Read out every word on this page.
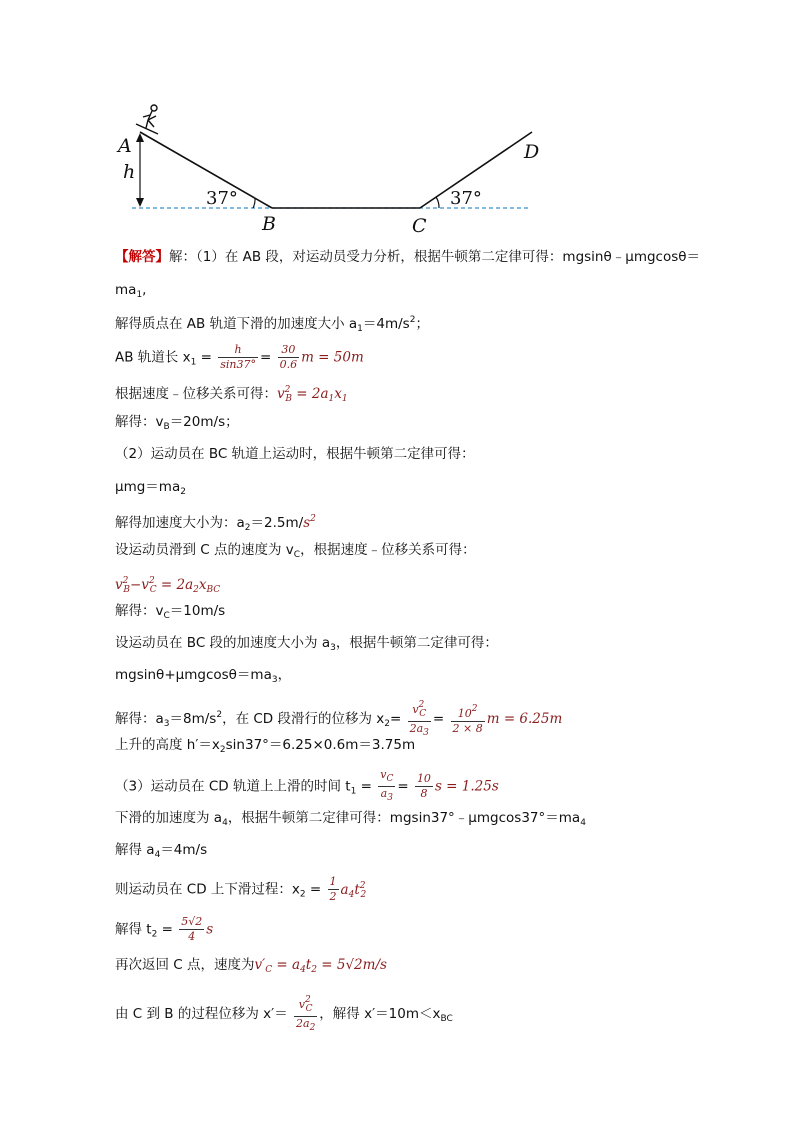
A
h
B	C
D
37°	37°
【解答】解：（1）在 AB 段，对运动员受力分析，根据牛顿第二定律可得：mgsinθ﹣μmgcosθ＝
$ma_1$,
解得质点在 AB 轨道下滑的加速度大小 $a_1=4m/s^2$；
AB 轨道长 $x_1 = \frac{h}{\sin 37^\circ} = \frac{30}{0.6}$ m = 50m
根据速度﹣位移关系可得：$v^2_B = 2a_1x_1$
解得：$v_B=20m/s$；
（2）运动员在 BC 轨道上运动时，根据牛顿第二定律可得：
$\mu mg=ma_2$
解得加速度大小为：$a_2=2.5m/s^2$
设运动员滑到 C 点的速度为 $v_C$，根据速度﹣位移关系可得：
$v^2_B-v^2_C = 2a_2x_{BC}$
解得：$v_C=10m/s$
设运动员在 BC 段的加速度大小为 $a_3$，根据牛顿第二定律可得：
$mgsin\theta+\mu mgcos\theta=ma_3$，
解得：$a_3=8m/s^2$，在 CD 段滑行的位移为 $x_2= \frac{v^2_C}{2a_3} = \frac{10^2}{2 \times 8}$ m = 6.25m
上升的高度 $h'=x_2\sin 37^\circ=6.25\times 0.6m=3.75m$
（3）运动员在 CD 轨道上上滑的时间 $t_1 = \frac{v_C}{a_3} = \frac{10}{8}$ s = 1.25s
下滑的加速度为 $a_4$，根据牛顿第二定律可得：$mgsin37^\circ﹣\mu mgcos37^\circ=ma_4$
解得 $a_4=4m/s$
则运动员在 CD 上下滑过程：$x_2 = \frac{1}{2} a_4t^2_2$
解得 $t_2 = \frac{5√2}{4}$ s
再次返回 C 点，速度为$v'_C = a_4t_2 = 5√2m/s$
由 C 到 B 的过程位移为 $x'= \frac{v^2_C}{2a_2}$ ，解得 $x'=10m<x_{BC}$
